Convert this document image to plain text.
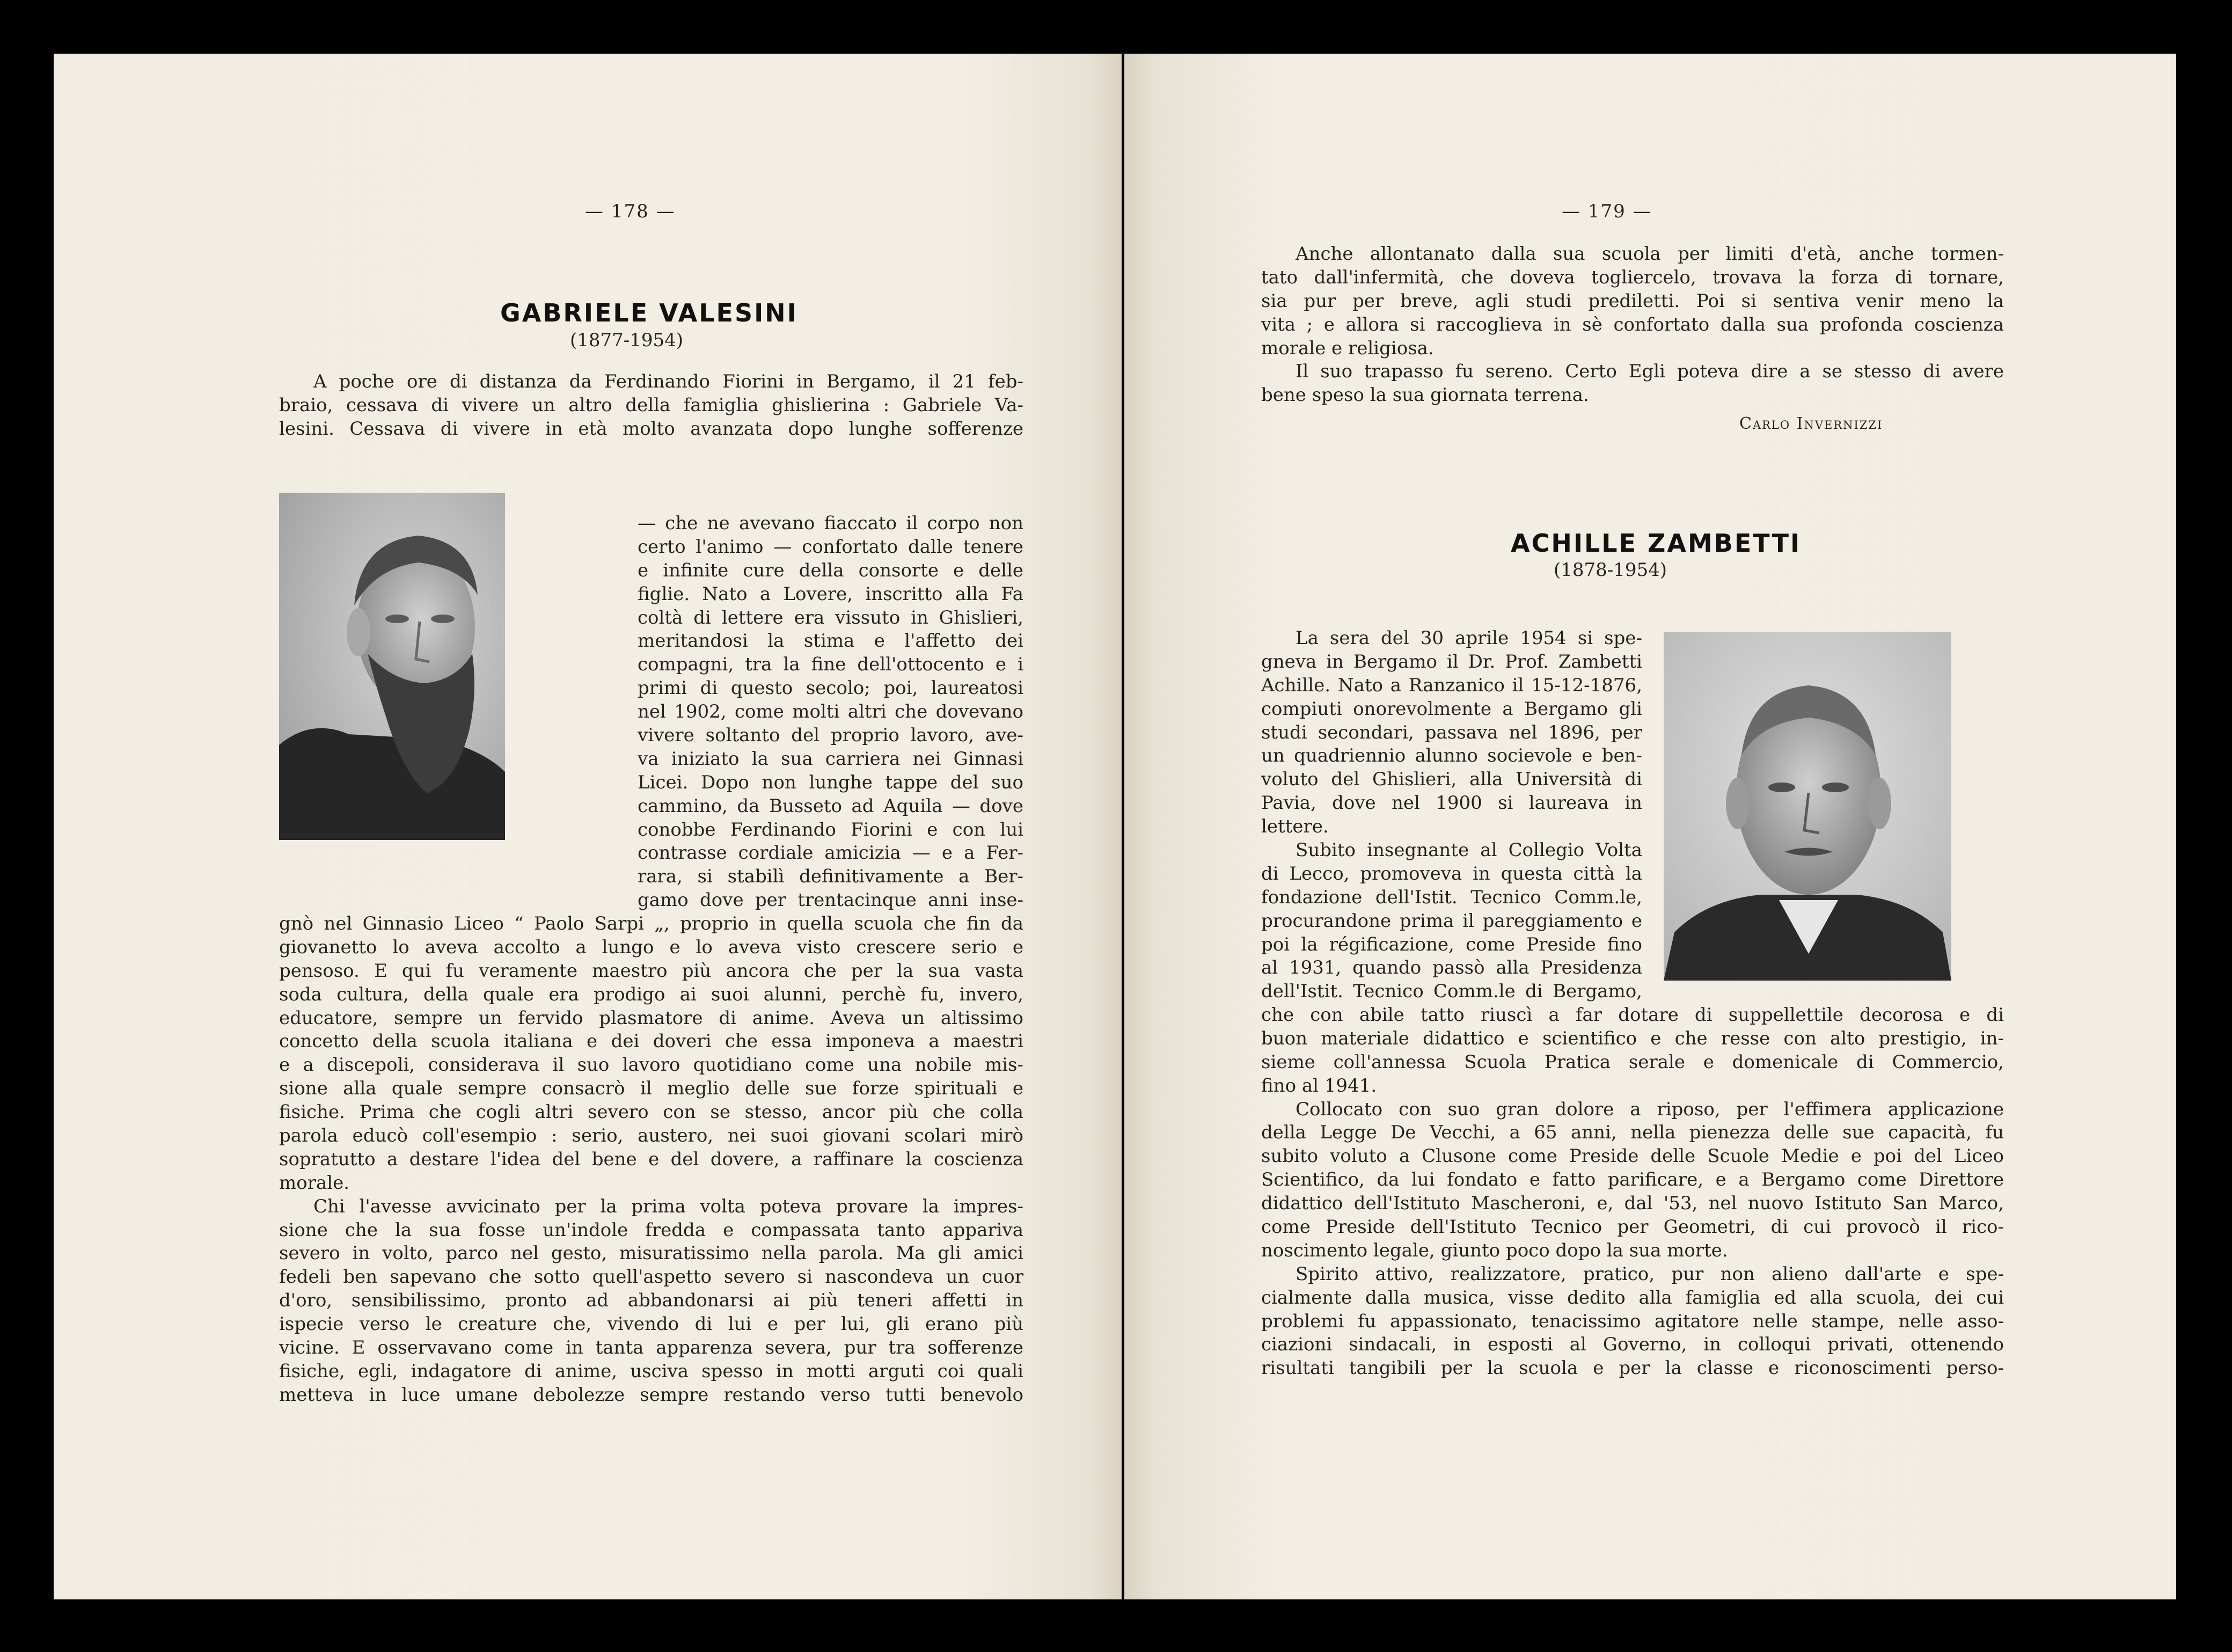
— 178 —
GABRIELE VALESINI
(1877-1954)
A poche ore di distanza da Ferdinando Fiorini in Bergamo, il 21 feb-
braio, cessava di vivere un altro della famiglia ghislierina : Gabriele Va-
lesini. Cessava di vivere in età molto avanzata dopo lunghe sofferenze
— che ne avevano fiaccato il corpo non
certo l'animo — confortato dalle tenere
e infinite cure della consorte e delle
figlie. Nato a Lovere, inscritto alla Fa
coltà di lettere era vissuto in Ghislieri,
meritandosi la stima e l'affetto dei
compagni, tra la fine dell'ottocento e i
primi di questo secolo; poi, laureatosi
nel 1902, come molti altri che dovevano
vivere soltanto del proprio lavoro, ave-
va iniziato la sua carriera nei Ginnasi
Licei. Dopo non lunghe tappe del suo
cammino, da Busseto ad Aquila — dove
conobbe Ferdinando Fiorini e con lui
contrasse cordiale amicizia — e a Fer-
rara, si stabilì definitivamente a Ber-
gamo dove per trentacinque anni inse-
gnò nel Ginnasio Liceo “ Paolo Sarpi „, proprio in quella scuola che fin da
giovanetto lo aveva accolto a lungo e lo aveva visto crescere serio e
pensoso. E qui fu veramente maestro più ancora che per la sua vasta
soda cultura, della quale era prodigo ai suoi alunni, perchè fu, invero,
educatore, sempre un fervido plasmatore di anime. Aveva un altissimo
concetto della scuola italiana e dei doveri che essa imponeva a maestri
e a discepoli, considerava il suo lavoro quotidiano come una nobile mis-
sione alla quale sempre consacrò il meglio delle sue forze spirituali e
fisiche. Prima che cogli altri severo con se stesso, ancor più che colla
parola educò coll'esempio : serio, austero, nei suoi giovani scolari mirò
sopratutto a destare l'idea del bene e del dovere, a raffinare la coscienza
morale.
Chi l'avesse avvicinato per la prima volta poteva provare la impres-
sione che la sua fosse un'indole fredda e compassata tanto appariva
severo in volto, parco nel gesto, misuratissimo nella parola. Ma gli amici
fedeli ben sapevano che sotto quell'aspetto severo si nascondeva un cuor
d'oro, sensibilissimo, pronto ad abbandonarsi ai più teneri affetti in
ispecie verso le creature che, vivendo di lui e per lui, gli erano più
vicine. E osservavano come in tanta apparenza severa, pur tra sofferenze
fisiche, egli, indagatore di anime, usciva spesso in motti arguti coi quali
metteva in luce umane debolezze sempre restando verso tutti benevolo
— 179 —
Anche allontanato dalla sua scuola per limiti d'età, anche tormen-
tato dall'infermità, che doveva togliercelo, trovava la forza di tornare,
sia pur per breve, agli studi prediletti. Poi si sentiva venir meno la
vita ; e allora si raccoglieva in sè confortato dalla sua profonda coscienza
morale e religiosa.
Il suo trapasso fu sereno. Certo Egli poteva dire a se stesso di avere
bene speso la sua giornata terrena.
Carlo Invernizzi
ACHILLE ZAMBETTI
(1878-1954)
La sera del 30 aprile 1954 si spe-
gneva in Bergamo il Dr. Prof. Zambetti
Achille. Nato a Ranzanico il 15-12-1876,
compiuti onorevolmente a Bergamo gli
studi secondari, passava nel 1896, per
un quadriennio alunno socievole e ben-
voluto del Ghislieri, alla Università di
Pavia, dove nel 1900 si laureava in
lettere.
Subito insegnante al Collegio Volta
di Lecco, promoveva in questa città la
fondazione dell'Istit. Tecnico Comm.le,
procurandone prima il pareggiamento e
poi la régificazione, come Preside fino
al 1931, quando passò alla Presidenza
dell'Istit. Tecnico Comm.le di Bergamo,
che con abile tatto riuscì a far dotare di suppellettile decorosa e di
buon materiale didattico e scientifico e che resse con alto prestigio, in-
sieme coll'annessa Scuola Pratica serale e domenicale di Commercio,
fino al 1941.
Collocato con suo gran dolore a riposo, per l'effimera applicazione
della Legge De Vecchi, a 65 anni, nella pienezza delle sue capacità, fu
subito voluto a Clusone come Preside delle Scuole Medie e poi del Liceo
Scientifico, da lui fondato e fatto parificare, e a Bergamo come Direttore
didattico dell'Istituto Mascheroni, e, dal '53, nel nuovo Istituto San Marco,
come Preside dell'Istituto Tecnico per Geometri, di cui provocò il rico-
noscimento legale, giunto poco dopo la sua morte.
Spirito attivo, realizzatore, pratico, pur non alieno dall'arte e spe-
cialmente dalla musica, visse dedito alla famiglia ed alla scuola, dei cui
problemi fu appassionato, tenacissimo agitatore nelle stampe, nelle asso-
ciazioni sindacali, in esposti al Governo, in colloqui privati, ottenendo
risultati tangibili per la scuola e per la classe e riconoscimenti perso-
